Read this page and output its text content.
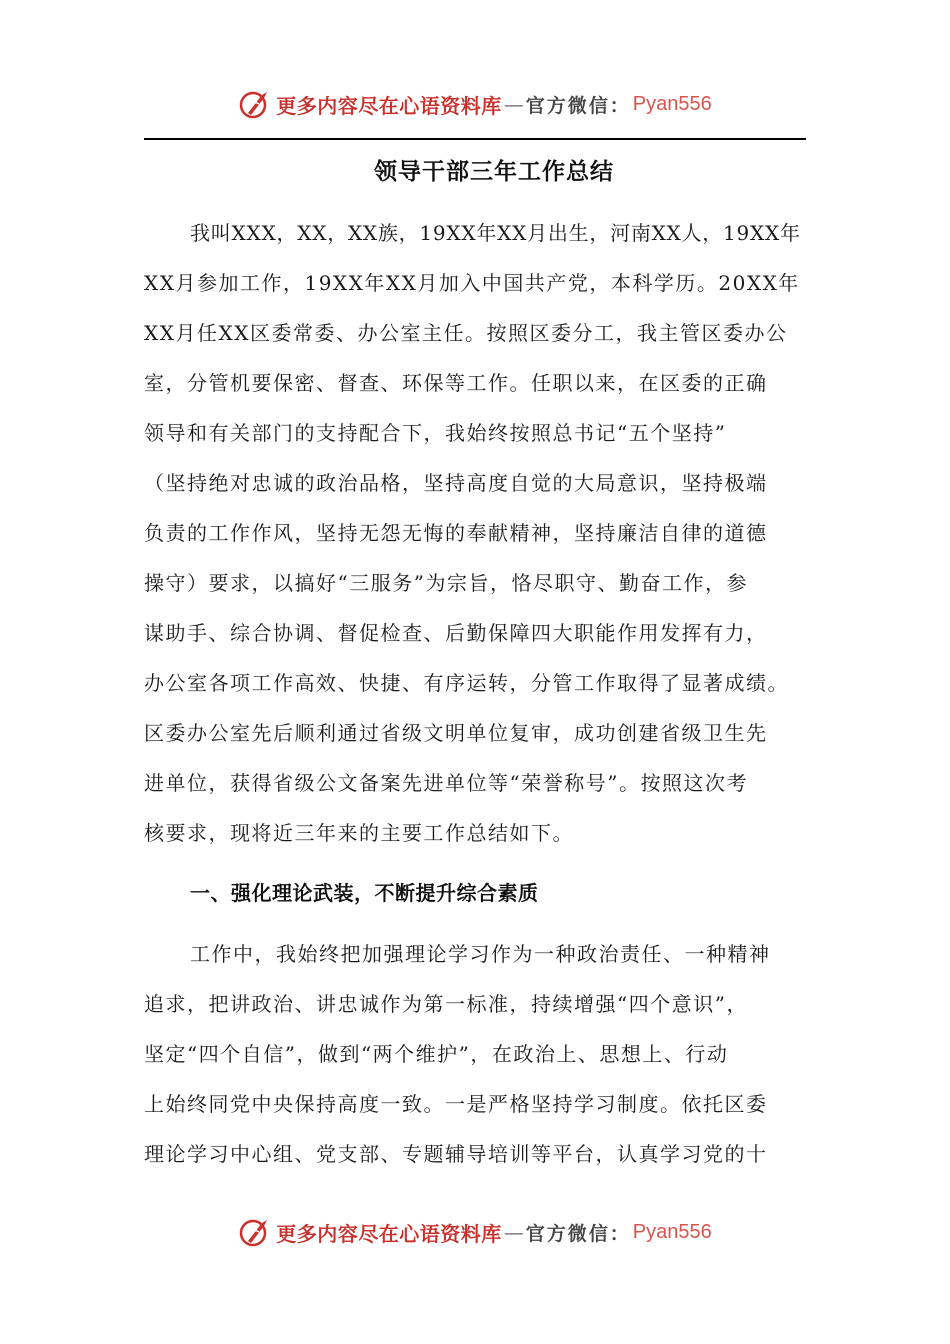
更多内容尽在心语资料库 — 官方微信： Pyan556
领导干部三年工作总结
我叫XXX，XX，XX族，19XX年XX月出生，河南XX人，19XX年
XX月参加工作，19XX年XX月加入中国共产党，本科学历。20XX年
XX月任XX区委常委、办公室主任。按照区委分工，我主管区委办公
室，分管机要保密、督查、环保等工作。任职以来，在区委的正确
领导和有关部门的支持配合下，我始终按照总书记“五个坚持”
（坚持绝对忠诚的政治品格，坚持高度自觉的大局意识，坚持极端
负责的工作作风，坚持无怨无悔的奉献精神，坚持廉洁自律的道德
操守）要求，以搞好“三服务”为宗旨，恪尽职守、勤奋工作，参
谋助手、综合协调、督促检查、后勤保障四大职能作用发挥有力，
办公室各项工作高效、快捷、有序运转，分管工作取得了显著成绩。
区委办公室先后顺利通过省级文明单位复审，成功创建省级卫生先
进单位，获得省级公文备案先进单位等“荣誉称号”。按照这次考
核要求，现将近三年来的主要工作总结如下。
一、强化理论武装，不断提升综合素质
工作中，我始终把加强理论学习作为一种政治责任、一种精神
追求，把讲政治、讲忠诚作为第一标准，持续增强“四个意识”，
坚定“四个自信”，做到“两个维护”，在政治上、思想上、行动
上始终同党中央保持高度一致。一是严格坚持学习制度。依托区委
理论学习中心组、党支部、专题辅导培训等平台，认真学习党的十
更多内容尽在心语资料库 — 官方微信： Pyan556
